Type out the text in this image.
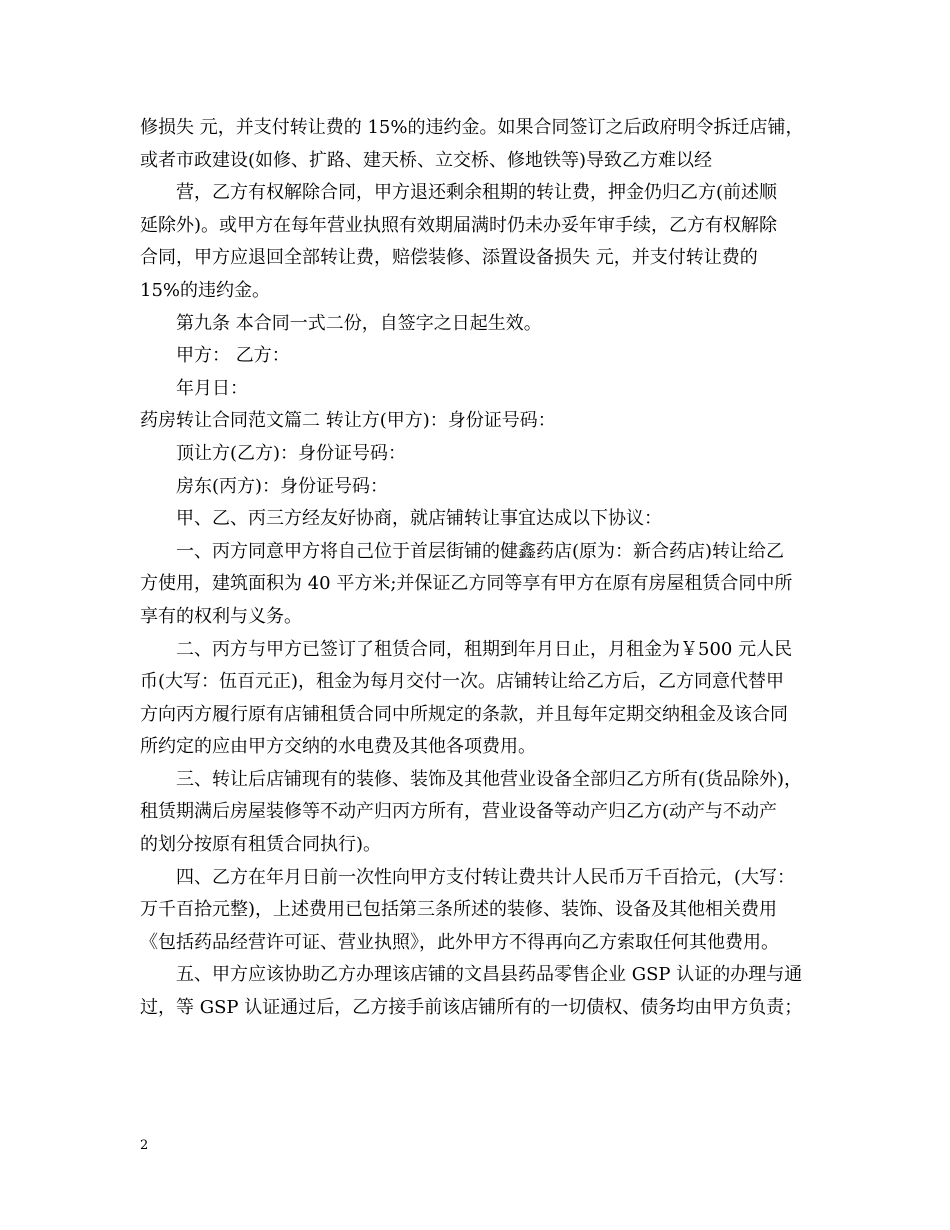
修损失 元，并支付转让费的 15%的违约金。如果合同签订之后政府明令拆迁店铺，
或者市政建设(如修、扩路、建天桥、立交桥、修地铁等)导致乙方难以经
营，乙方有权解除合同，甲方退还剩余租期的转让费，押金仍归乙方(前述顺
延除外)。或甲方在每年营业执照有效期届满时仍未办妥年审手续，乙方有权解除
合同，甲方应退回全部转让费，赔偿装修、添置设备损失 元，并支付转让费的
15%的违约金。
第九条 本合同一式二份，自签字之日起生效。
甲方： 乙方：
年月日：
药房转让合同范文篇二 转让方(甲方)：身份证号码：
顶让方(乙方)：身份证号码：
房东(丙方)：身份证号码：
甲、乙、丙三方经友好协商，就店铺转让事宜达成以下协议：
一、丙方同意甲方将自己位于首层街铺的健鑫药店(原为：新合药店)转让给乙
方使用，建筑面积为 40 平方米;并保证乙方同等享有甲方在原有房屋租赁合同中所
享有的权利与义务。
二、丙方与甲方已签订了租赁合同，租期到年月日止，月租金为￥500 元人民
币(大写：伍百元正)，租金为每月交付一次。店铺转让给乙方后，乙方同意代替甲
方向丙方履行原有店铺租赁合同中所规定的条款，并且每年定期交纳租金及该合同
所约定的应由甲方交纳的水电费及其他各项费用。
三、转让后店铺现有的装修、装饰及其他营业设备全部归乙方所有(货品除外)，
租赁期满后房屋装修等不动产归丙方所有，营业设备等动产归乙方(动产与不动产
的划分按原有租赁合同执行)。
四、乙方在年月日前一次性向甲方支付转让费共计人民币万千百拾元，(大写：
万千百拾元整)，上述费用已包括第三条所述的装修、装饰、设备及其他相关费用
《包括药品经营许可证、营业执照》，此外甲方不得再向乙方索取任何其他费用。
五、甲方应该协助乙方办理该店铺的文昌县药品零售企业 GSP 认证的办理与通
过，等 GSP 认证通过后，乙方接手前该店铺所有的一切债权、债务均由甲方负责；
2
